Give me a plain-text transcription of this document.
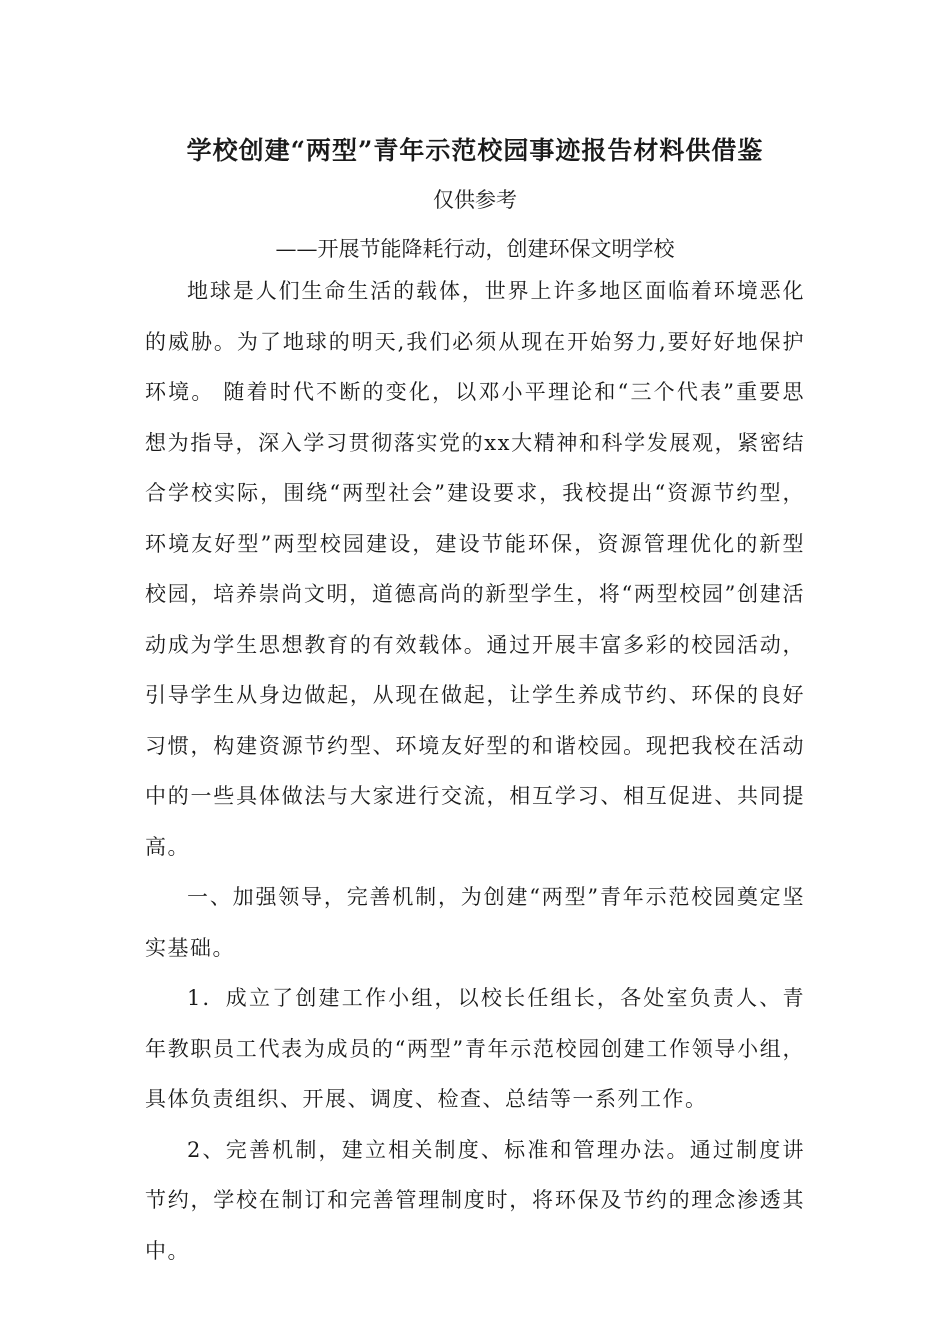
学校创建“两型”青年示范校园事迹报告材料供借鉴
仅供参考
——开展节能降耗行动，创建环保文明学校

地球是人们生命生活的载体，世界上许多地区面临着环境恶化的威胁。为了地球的明天,我们必须从现在开始努力,要好好地保护环境。 随着时代不断的变化，以邓小平理论和“三个代表”重要思想为指导，深入学习贯彻落实党的xx大精神和科学发展观，紧密结合学校实际，围绕“两型社会”建设要求，我校提出“资源节约型，环境友好型”两型校园建设，建设节能环保，资源管理优化的新型校园，培养崇尚文明，道德高尚的新型学生，将“两型校园”创建活动成为学生思想教育的有效载体。通过开展丰富多彩的校园活动，引导学生从身边做起，从现在做起，让学生养成节约、环保的良好习惯，构建资源节约型、环境友好型的和谐校园。现把我校在活动中的一些具体做法与大家进行交流，相互学习、相互促进、共同提高。

一、加强领导，完善机制，为创建“两型”青年示范校园奠定坚实基础。

1．成立了创建工作小组，以校长任组长，各处室负责人、青年教职员工代表为成员的“两型”青年示范校园创建工作领导小组，具体负责组织、开展、调度、检查、总结等一系列工作。

2、完善机制，建立相关制度、标准和管理办法。通过制度讲节约，学校在制订和完善管理制度时，将环保及节约的理念渗透其中。
